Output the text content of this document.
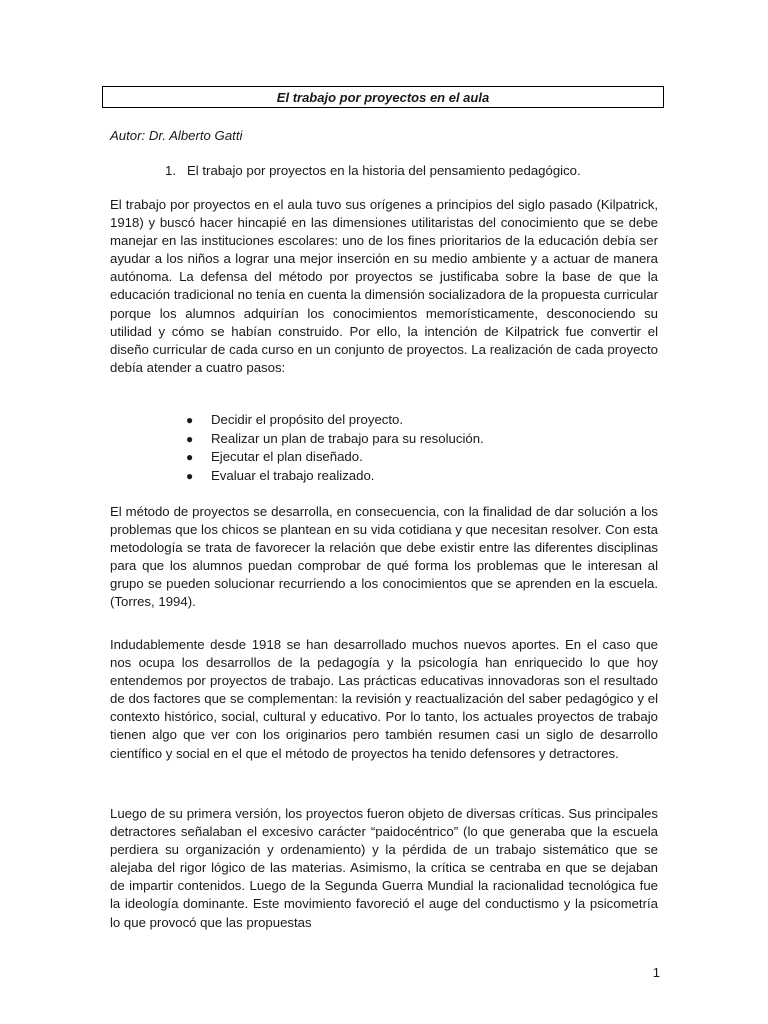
El trabajo por proyectos en el aula
Autor: Dr. Alberto Gatti
1. El trabajo por proyectos en la historia del pensamiento pedagógico.

El trabajo por proyectos en el aula tuvo sus orígenes a principios del siglo pasado (Kilpatrick, 1918) y buscó hacer hincapié en las dimensiones utilitaristas del conocimiento que se debe manejar en las instituciones escolares: uno de los fines prioritarios de la educación debía ser ayudar a los niños a lograr una mejor inserción en su medio ambiente y a actuar de manera autónoma. La defensa del método por proyectos se justificaba sobre la base de que la educación tradicional no tenía en cuenta la dimensión socializadora de la propuesta curricular porque los alumnos adquirían los conocimientos memorísticamente, desconociendo su utilidad y cómo se habían construido. Por ello, la intención de Kilpatrick fue convertir el diseño curricular de cada curso en un conjunto de proyectos. La realización de cada proyecto debía atender a cuatro pasos:

●	Decidir el propósito del proyecto.
●	Realizar un plan de trabajo para su resolución.
●	Ejecutar el plan diseñado.
●	Evaluar el trabajo realizado.

El método de proyectos se desarrolla, en consecuencia, con la finalidad de dar solución a los problemas que los chicos se plantean en su vida cotidiana y que necesitan resolver. Con esta metodología se trata de favorecer la relación que debe existir entre las diferentes disciplinas para que los alumnos puedan comprobar de qué forma los problemas que le interesan al grupo se pueden solucionar recurriendo a los conocimientos que se aprenden en la escuela. (Torres, 1994).

Indudablemente desde 1918 se han desarrollado muchos nuevos aportes. En el caso que nos ocupa los desarrollos de la pedagogía y la psicología han enriquecido lo que hoy entendemos por proyectos de trabajo. Las prácticas educativas innovadoras son el resultado de dos factores que se complementan: la revisión y reactualización del saber pedagógico y el contexto histórico, social, cultural y educativo. Por lo tanto, los actuales proyectos de trabajo tienen algo que ver con los originarios pero también resumen casi un siglo de desarrollo científico y social en el que el método de proyectos ha tenido defensores y detractores.

Luego de su primera versión, los proyectos fueron objeto de diversas críticas. Sus principales detractores señalaban el excesivo carácter “paidocéntrico” (lo que generaba que la escuela perdiera su organización y ordenamiento) y la pérdida de un trabajo sistemático que se alejaba del rigor lógico de las materias. Asimismo, la crítica se centraba en que se dejaban de impartir contenidos. Luego de la Segunda Guerra Mundial la racionalidad tecnológica fue la ideología dominante. Este movimiento favoreció el auge del conductismo y la psicometría lo que provocó que las propuestas

1
